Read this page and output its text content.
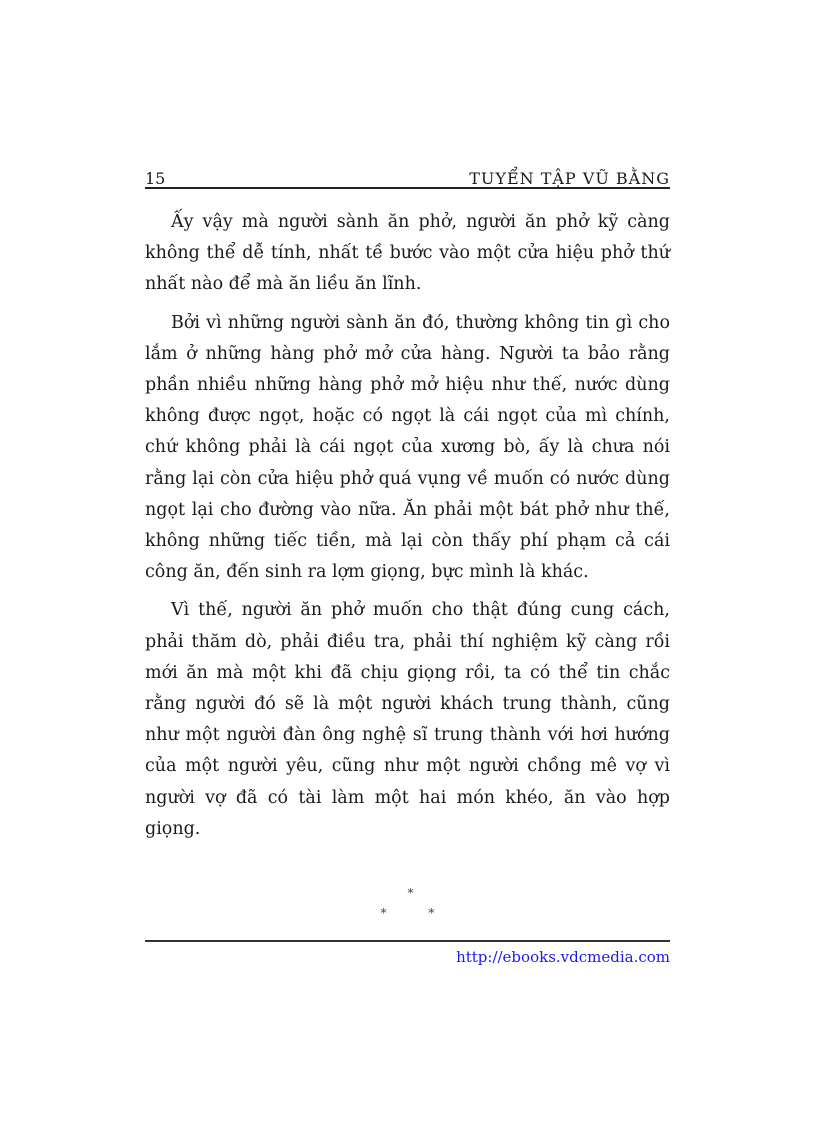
15	TUYỂN TẬP VŨ BẰNG

Ấy vậy mà người sành ăn phở, người ăn phở kỹ càng không thể dễ tính, nhất tề bước vào một cửa hiệu phở thứ nhất nào để mà ăn liều ăn lĩnh.

Bởi vì những người sành ăn đó, thường không tin gì cho lắm ở những hàng phở mở cửa hàng. Người ta bảo rằng phần nhiều những hàng phở mở hiệu như thế, nước dùng không được ngọt, hoặc có ngọt là cái ngọt của mì chính, chứ không phải là cái ngọt của xương bò, ấy là chưa nói rằng lại còn cửa hiệu phở quá vụng về muốn có nước dùng ngọt lại cho đường vào nữa. Ăn phải một bát phở như thế, không những tiếc tiền, mà lại còn thấy phí phạm cả cái công ăn, đến sinh ra lợm giọng, bực mình là khác.

Vì thế, người ăn phở muốn cho thật đúng cung cách, phải thăm dò, phải điều tra, phải thí nghiệm kỹ càng rồi mới ăn mà một khi đã chịu giọng rồi, ta có thể tin chắc rằng người đó sẽ là một người khách trung thành, cũng như một người đàn ông nghệ sĩ trung thành với hơi hướng của một người yêu, cũng như một người chồng mê vợ vì người vợ đã có tài làm một hai món khéo, ăn vào hợp giọng.

*
*	*
http://ebooks.vdcmedia.com
